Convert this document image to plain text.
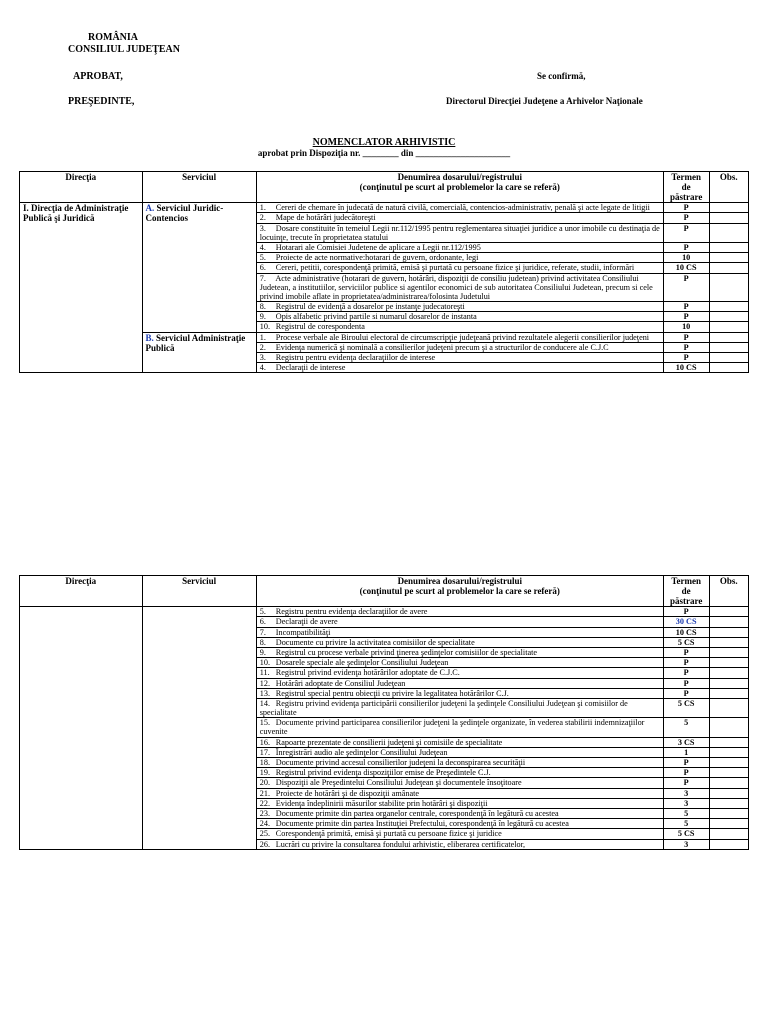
ROMÂNIA
CONSILIUL JUDEŢEAN
APROBAT,
PREŞEDINTE,
Se confirmă,
Directorul Direcţiei Judeţene a Arhivelor Naţionale
NOMENCLATOR ARHIVISTIC
aprobat prin Dispoziţia nr. ________ din _____________________
Direcţia	Serviciul	Denumirea dosarului/registrului
(conţinutul pe scurt al problemelor la care se referă)	Termen de păstrare	Obs.
I. Direcţia de Administraţie Publică şi Juridică	A. Serviciul Juridic-Contencios	1. Cereri de chemare în judecată de natură civilă, comercială, contencios-administrativ, penală şi acte legate de litigii	P	
		2. Mape de hotărâri judecătoreşti	P	
		3. Dosare constituite în temeiul Legii nr.112/1995 pentru reglementarea situaţiei juridice a unor imobile cu destinaţia de locuinţe, trecute în proprietatea statului	P	
		4. Hotarari ale Comisiei Judetene de aplicare a Legii nr.112/1995	P	
		5. Proiecte de acte normative:hotarari de guvern, ordonante, legi	10	
		6. Cereri, petitii, corespondenţă primită, emisă şi purtată cu persoane fizice şi juridice, referate, studii, informări	10 CS	
		7. Acte administrative (hotarari de guvern, hotărâri, dispoziţii de consiliu judetean) privind activitatea Consiliului Judetean, a institutiilor, serviciilor publice si agentilor economici de sub autoritatea Consiliului Judetean, precum si cele privind imobile aflate in proprietatea/administrarea/folosinta Judetului	P	
		8. Registrul de evidenţă a dosarelor pe instanţe judecatoreşti	P	
		9. Opis alfabetic privind partile si numarul dosarelor de instanta	P	
		10. Registrul de corespondenta	10	
	B. Serviciul Administraţie Publică	1. Procese verbale ale Biroului electoral de circumscripţie judeţeană privind rezultatele alegerii consilierilor judeţeni	P	
		2. Evidenţa numerică şi nominală a consilierilor judeţeni precum şi a structurilor de conducere ale C.J.C	P	
		3. Registru pentru evidenţa declaraţiilor de interese	P	
		4. Declaraţii de interese	10 CS	
Direcţia	Serviciul	Denumirea dosarului/registrului
(conţinutul pe scurt al problemelor la care se referă)	Termen de păstrare	Obs.
		5. Registru pentru evidenţa declaraţiilor de avere	P	
		6. Declaraţii de avere	30 CS	
		7. Incompatibilităţi	10 CS	
		8. Documente cu privire la activitatea comisiilor de specialitate	5 CS	
		9. Registrul cu procese verbale privind ţinerea şedinţelor comisiilor de specialitate	P	
		10. Dosarele speciale ale şedinţelor Consiliului Judeţean	P	
		11. Registrul privind evidenţa hotărârilor adoptate de C.J.C.	P	
		12. Hotărâri adoptate de Consiliul Judeţean	P	
		13. Registrul special pentru obiecţii cu privire la legalitatea hotărârilor C.J.	P	
		14. Registru privind evidenţa participării consilierilor judeţeni la şedinţele Consiliului Judeţean şi comisiilor de specialitate	5 CS	
		15. Documente privind participarea consilierilor judeţeni la şedinţele organizate, în vederea stabilirii indemnizaţiilor cuvenite	5	
		16. Rapoarte prezentate de consilierii judeţeni şi comisiile de specialitate	3 CS	
		17. Înregistrări audio ale şedinţelor Consiliului Judeţean	1	
		18. Documente privind accesul consilierilor judeţeni la deconspirarea securităţii	P	
		19. Registrul privind evidenţa dispoziţiilor emise de Preşedintele C.J.	P	
		20. Dispoziţii ale Preşedintelui Consiliului Judeţean şi documentele însoţitoare	P	
		21. Proiecte de hotărâri şi de dispoziţii amânate	3	
		22. Evidenţa îndeplinirii măsurilor stabilite prin hotărâri şi dispoziţii	3	
		23. Documente primite din partea organelor centrale, corespondenţă în legătură cu acestea	5	
		24. Documente primite din partea Instituţiei Prefectului, corespondenţă în legătură cu acestea	5	
		25. Corespondenţă primită, emisă şi purtată cu persoane fizice şi juridice	5 CS	
		26. Lucrări cu privire la consultarea fondului arhivistic, eliberarea certificatelor,	3	
